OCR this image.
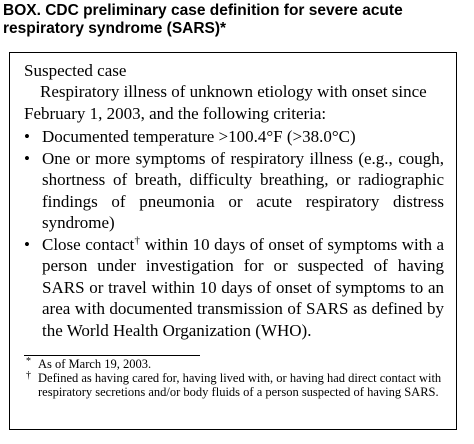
BOX. CDC preliminary case definition for severe acute respiratory syndrome (SARS)*
Suspected case
Respiratory illness of unknown etiology with onset since February 1, 2003, and the following criteria:
• Documented temperature >100.4°F (>38.0°C)
• One or more symptoms of respiratory illness (e.g., cough, shortness of breath, difficulty breathing, or radiographic findings of pneumonia or acute respiratory distress syndrome)
• Close contact† within 10 days of onset of symptoms with a person under investigation for or suspected of having SARS or travel within 10 days of onset of symptoms to an area with documented transmission of SARS as defined by the World Health Organization (WHO).
* As of March 19, 2003.
† Defined as having cared for, having lived with, or having had direct contact with respiratory secretions and/or body fluids of a person suspected of having SARS.
